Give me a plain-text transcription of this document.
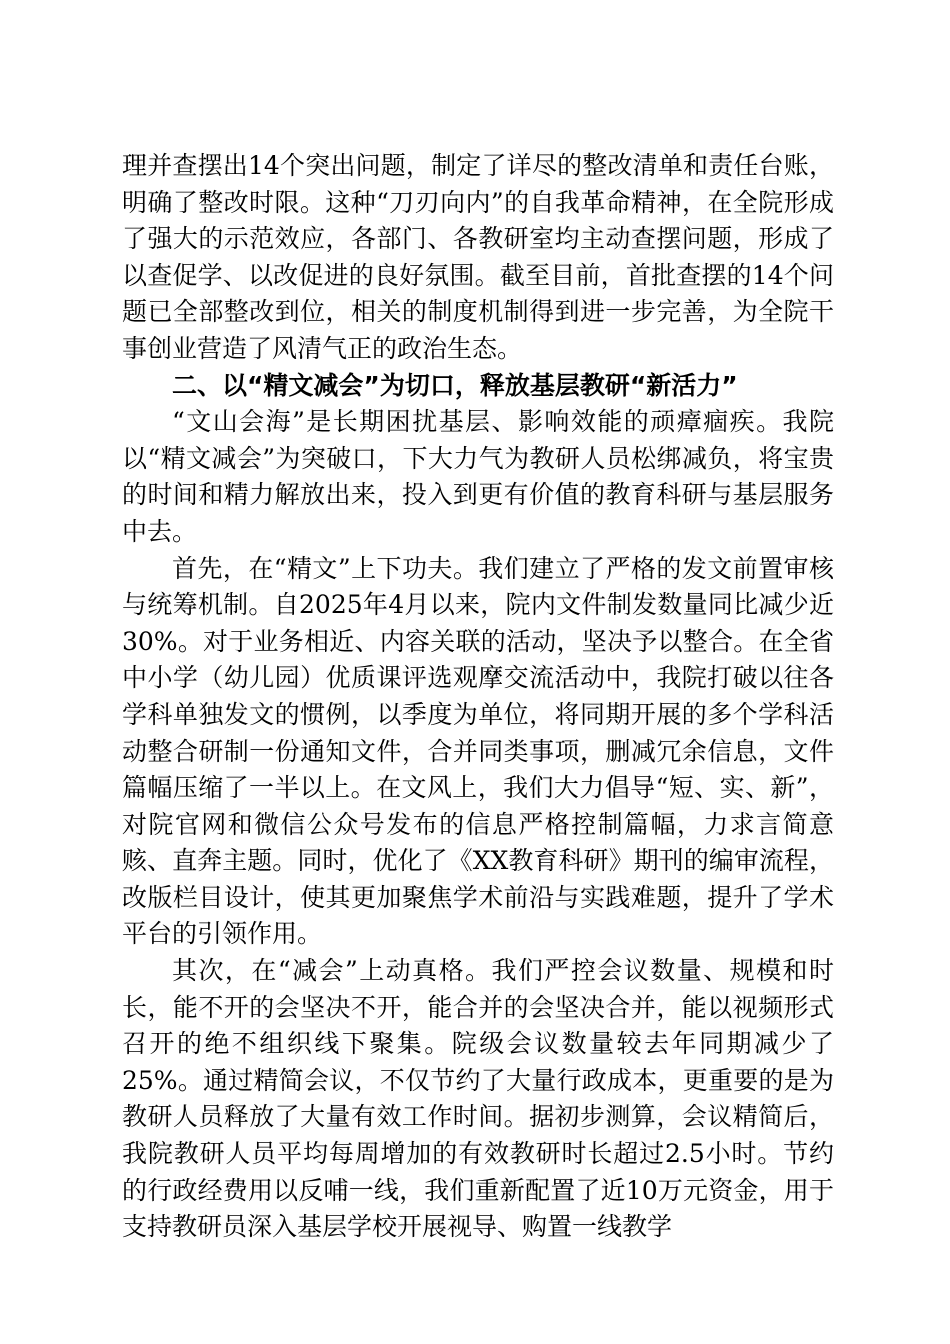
理并查摆出14个突出问题，制定了详尽的整改清单和责任台账，明确了整改时限。这种“刀刃向内”的自我革命精神，在全院形成了强大的示范效应，各部门、各教研室均主动查摆问题，形成了以查促学、以改促进的良好氛围。截至目前，首批查摆的14个问题已全部整改到位，相关的制度机制得到进一步完善，为全院干事创业营造了风清气正的政治生态。

二、以“精文减会”为切口，释放基层教研“新活力”

“文山会海”是长期困扰基层、影响效能的顽瘴痼疾。我院以“精文减会”为突破口，下大力气为教研人员松绑减负，将宝贵的时间和精力解放出来，投入到更有价值的教育科研与基层服务中去。

首先，在“精文”上下功夫。我们建立了严格的发文前置审核与统筹机制。自2025年4月以来，院内文件制发数量同比减少近30%。对于业务相近、内容关联的活动，坚决予以整合。在全省中小学（幼儿园）优质课评选观摩交流活动中，我院打破以往各学科单独发文的惯例，以季度为单位，将同期开展的多个学科活动整合研制一份通知文件，合并同类事项，删减冗余信息，文件篇幅压缩了一半以上。在文风上，我们大力倡导“短、实、新”，对院官网和微信公众号发布的信息严格控制篇幅，力求言简意赅、直奔主题。同时，优化了《XX教育科研》期刊的编审流程，改版栏目设计，使其更加聚焦学术前沿与实践难题，提升了学术平台的引领作用。

其次，在“减会”上动真格。我们严控会议数量、规模和时长，能不开的会坚决不开，能合并的会坚决合并，能以视频形式召开的绝不组织线下聚集。院级会议数量较去年同期减少了25%。通过精简会议，不仅节约了大量行政成本，更重要的是为教研人员释放了大量有效工作时间。据初步测算，会议精简后，我院教研人员平均每周增加的有效教研时长超过2.5小时。节约的行政经费用以反哺一线，我们重新配置了近10万元资金，用于支持教研员深入基层学校开展视导、购置一线教学
